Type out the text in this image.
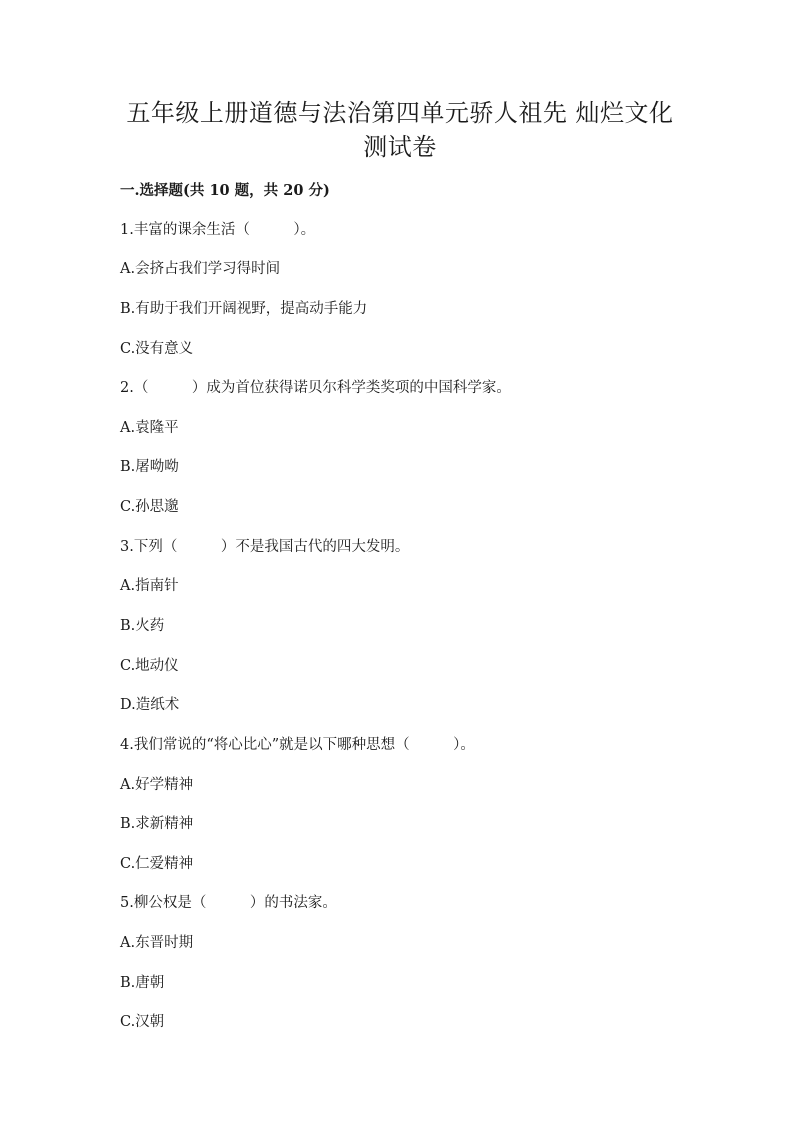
五年级上册道德与法治第四单元骄人祖先 灿烂文化
测试卷
一.选择题(共 10 题，共 20 分)
1.丰富的课余生活（　　　）。
A.会挤占我们学习得时间
B.有助于我们开阔视野，提高动手能力
C.没有意义
2.（　　　）成为首位获得诺贝尔科学类奖项的中国科学家。
A.袁隆平
B.屠呦呦
C.孙思邈
3.下列（　　　）不是我国古代的四大发明。
A.指南针
B.火药
C.地动仪
D.造纸术
4.我们常说的“将心比心”就是以下哪种思想（　　　）。
A.好学精神
B.求新精神
C.仁爱精神
5.柳公权是（　　　）的书法家。
A.东晋时期
B.唐朝
C.汉朝
